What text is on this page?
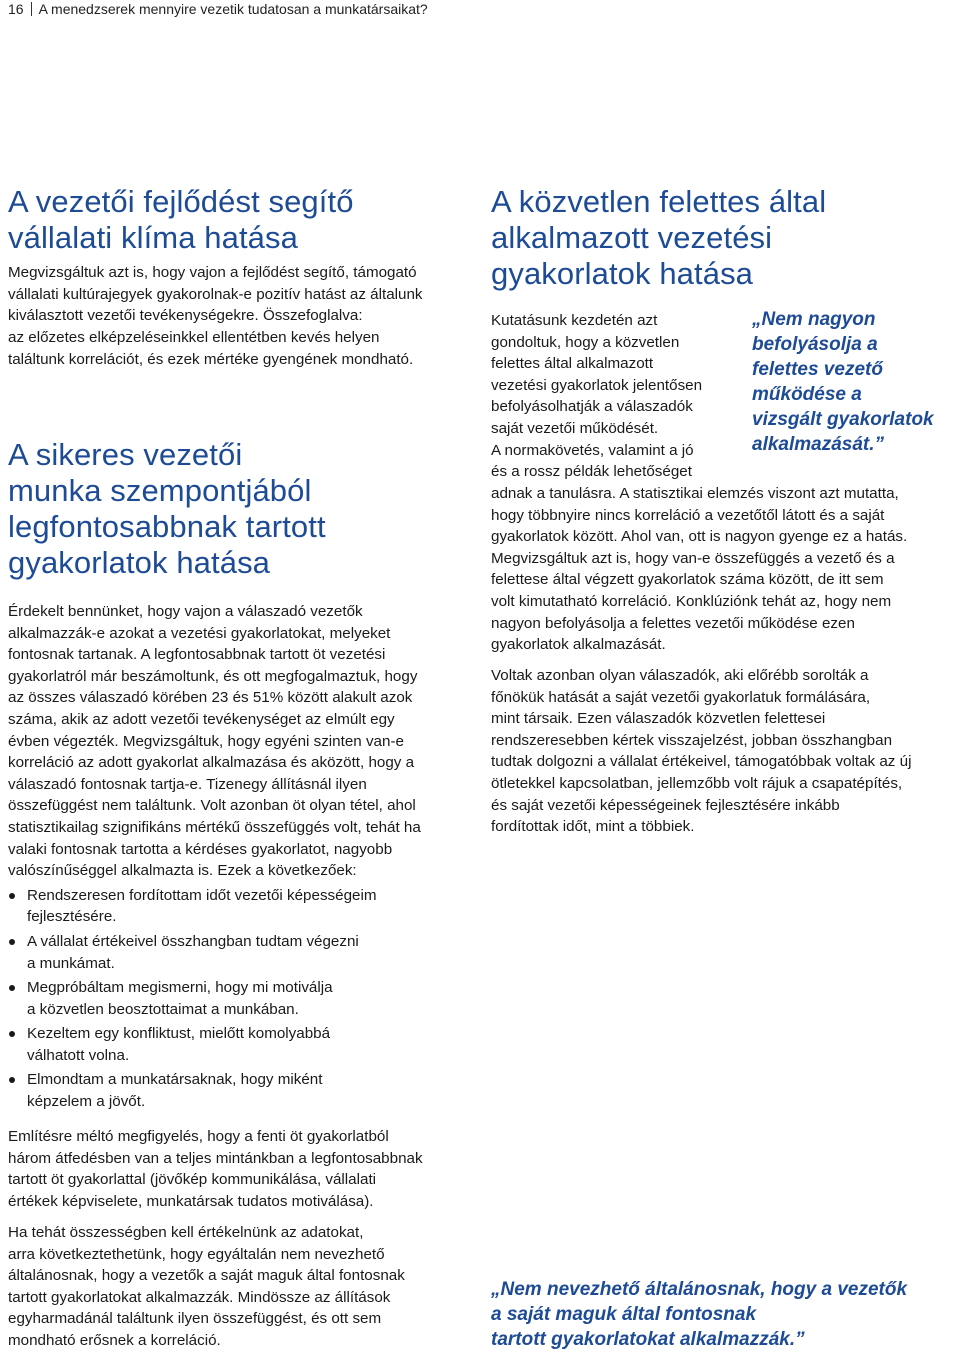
16 A menedzserek mennyire vezetik tudatosan a munkatársaikat?
A vezetői fejlődést segítő
vállalati klíma hatása

Megvizsgáltuk azt is, hogy vajon a fejlődést segítő, támogató

vállalati kultúrajegyek gyakorolnak-e pozitív hatást az általunk

kiválasztott vezetői tevékenységekre. Összefoglalva:

az előzetes elképzeléseinkkel ellentétben kevés helyen

találtunk korrelációt, és ezek mértéke gyengének mondható.

A sikeres vezetői
munka szempontjából
legfontosabbnak tartott
gyakorlatok hatása

Érdekelt bennünket, hogy vajon a válaszadó vezetők

alkalmazzák-e azokat a vezetési gyakorlatokat, melyeket

fontosnak tartanak. A legfontosabbnak tartott öt vezetési

gyakorlatról már beszámoltunk, és ott megfogalmaztuk, hogy

az összes válaszadó körében 23 és 51% között alakult azok

száma, akik az adott vezetői tevékenységet az elmúlt egy

évben végezték. Megvizsgáltuk, hogy egyéni szinten van-e

korreláció az adott gyakorlat alkalmazása és aközött, hogy a

válaszadó fontosnak tartja-e. Tizenegy állításnál ilyen

összefüggést nem találtunk. Volt azonban öt olyan tétel, ahol

statisztikailag szignifikáns mértékű összefüggés volt, tehát ha

valaki fontosnak tartotta a kérdéses gyakorlatot, nagyobb

valószínűséggel alkalmazta is. Ezek a következőek:

Rendszeresen fordítottam időt vezetői képességeim
fejlesztésére.
A vállalat értékeivel összhangban tudtam végezni
a munkámat.
Megpróbáltam megismerni, hogy mi motiválja
a közvetlen beosztottaimat a munkában.
Kezeltem egy konfliktust, mielőtt komolyabbá
válhatott volna.
Elmondtam a munkatársaknak, hogy miként
képzelem a jövőt.

Említésre méltó megfigyelés, hogy a fenti öt gyakorlatból

három átfedésben van a teljes mintánkban a legfontosabbnak

tartott öt gyakorlattal (jövőkép kommunikálása, vállalati

értékek képviselete, munkatársak tudatos motiválása).

Ha tehát összességben kell értékelnünk az adatokat,

arra következtethetünk, hogy egyáltalán nem nevezhető

általánosnak, hogy a vezetők a saját maguk által fontosnak

tartott gyakorlatokat alkalmazzák. Mindössze az állítások

egyharmadánál találtunk ilyen összefüggést, és ott sem

mondható erősnek a korreláció.

A közvetlen felettes által
alkalmazott vezetési
gyakorlatok hatása

Kutatásunk kezdetén azt

gondoltuk, hogy a közvetlen

felettes által alkalmazott

vezetési gyakorlatok jelentősen

befolyásolhatják a válaszadók

saját vezetői működését.

A normakövetés, valamint a jó

és a rossz példák lehetőséget

„Nem nagyon
befolyásolja a
felettes vezető
működése a
vizsgált gyakorlatok
alkalmazását.”

adnak a tanulásra. A statisztikai elemzés viszont azt mutatta,

hogy többnyire nincs korreláció a vezetőtől látott és a saját

gyakorlatok között. Ahol van, ott is nagyon gyenge ez a hatás.

Megvizsgáltuk azt is, hogy van-e összefüggés a vezető és a

felettese által végzett gyakorlatok száma között, de itt sem

volt kimutatható korreláció. Konklúziónk tehát az, hogy nem

nagyon befolyásolja a felettes vezetői működése ezen

gyakorlatok alkalmazását.

Voltak azonban olyan válaszadók, aki előrébb sorolták a

főnökük hatását a saját vezetői gyakorlatuk formálására,

mint társaik. Ezen válaszadók közvetlen felettesei

rendszeresebben kértek visszajelzést, jobban összhangban

tudtak dolgozni a vállalat értékeivel, támogatóbbak voltak az új

ötletekkel kapcsolatban, jellemzőbb volt rájuk a csapatépítés,

és saját vezetői képességeinek fejlesztésére inkább

fordítottak időt, mint a többiek.

„Nem nevezhető általánosnak, hogy a vezetők
a saját maguk által fontosnak
tartott gyakorlatokat alkalmazzák.”
